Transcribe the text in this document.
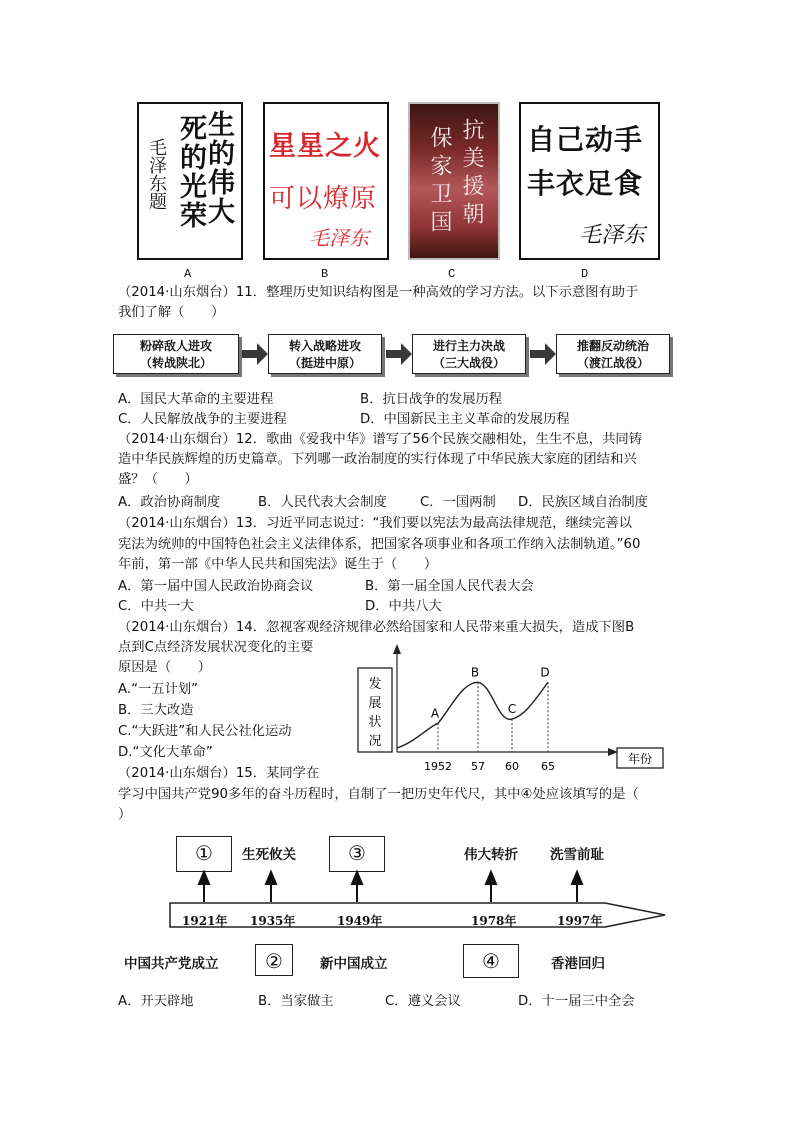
生的伟大
死的光荣
毛泽东题
A
星星之火
可以燎原
毛泽东
B
抗美援朝
保家卫国
C
自己动手
丰衣足食
毛泽东
D
（2014·山东烟台）11．整理历史知识结构图是一种高效的学习方法。以下示意图有助于
我们了解（　　）
粉碎敌人进攻
（转战陕北）
转入战略进攻
（挺进中原）
进行主力决战
（三大战役）
推翻反动统治
（渡江战役）
A．国民大革命的主要进程	B．抗日战争的发展历程
C．人民解放战争的主要进程	D．中国新民主主义革命的发展历程
（2014·山东烟台）12．歌曲《爱我中华》谱写了56个民族交融相处，生生不息，共同铸
造中华民族辉煌的历史篇章。下列哪一政治制度的实行体现了中华民族大家庭的团结和兴
盛？（　　）
A．政治协商制度	B．人民代表大会制度 C．一国两制 D．民族区域自治制度
（2014·山东烟台）13．习近平同志说过：“我们要以宪法为最高法律规范，继续完善以
宪法为统帅的中国特色社会主义法律体系，把国家各项事业和各项工作纳入法制轨道。”60
年前，第一部《中华人民共和国宪法》诞生于（　　）
A．第一届中国人民政治协商会议	B．第一届全国人民代表大会
C．中共一大	D．中共八大
（2014·山东烟台）14．忽视客观经济规律必然给国家和人民带来重大损失，造成下图B
点到C点经济发展状况变化的主要
原因是（　　）
A.“一五计划”
B．三大改造
C.“大跃进”和人民公社化运动
D.“文化大革命”
发
展
状
况
年份
A
1952
B
57
C
60
D
65
（2014·山东烟台）15．某同学在
学习中国共产党90多年的奋斗历程时，自制了一把历史年代尺，其中④处应该填写的是（
）
①	生死攸关	③	伟大转折 洗雪前耻
1921年 1935年	1949年	1978年	1997年
中国共产党成立	②	新中国成立	④	香港回归
A．开天辟地	B．当家做主	C．遵义会议	D．十一届三中全会
